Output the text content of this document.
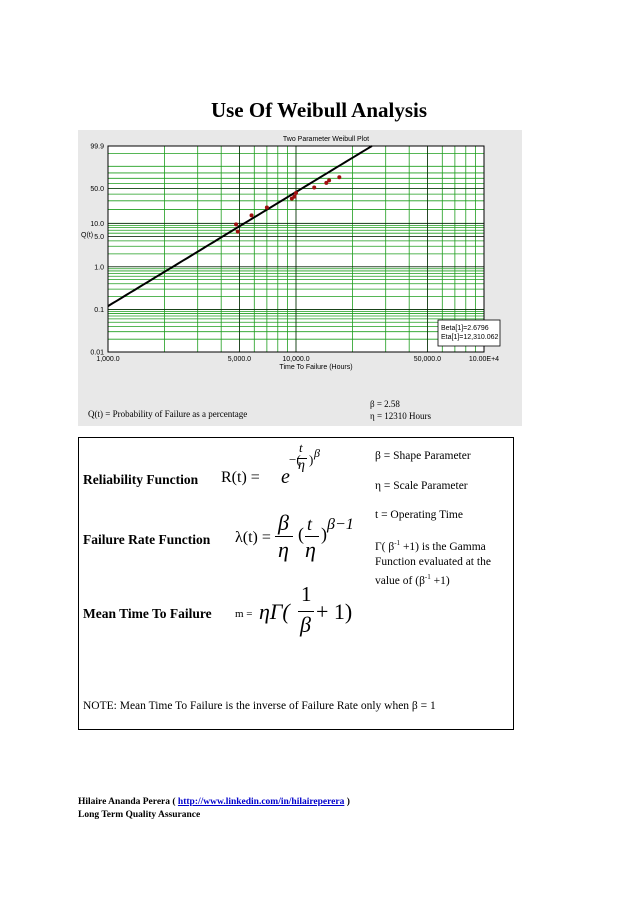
Use Of Weibull Analysis
0.01
0.1
1.0
5.0
10.0
50.0
99.9
1,000.0	5,000.0	10,000.0	50,000.0	10.00E+4
Two Parameter Weibull Plot
Time To Failure (Hours)
Q(t)
Beta[1]=2.6796
Eta[1]=12,310.062
Q(t) = Probability of Failure as a percentage
β = 2.58
η = 12310 Hours
Reliability Function R(t) = e
−(
t
η ) β
Failure Rate Function λ(t) =
β
η
( t
η
) β−1
Mean Time To Failure m = ηΓ(
1
β
+ 1)
β = Shape Parameter
η = Scale Parameter
t = Operating Time
Γ( $\beta^{-1} +1$) is the Gamma
Function evaluated at the
value of $(\beta^{-1} +1)$
NOTE: Mean Time To Failure is the inverse of Failure Rate only when β = 1
Hilaire Ananda Perera ( http://www.linkedin.com/in/hilaireperera )
Long Term Quality Assurance
